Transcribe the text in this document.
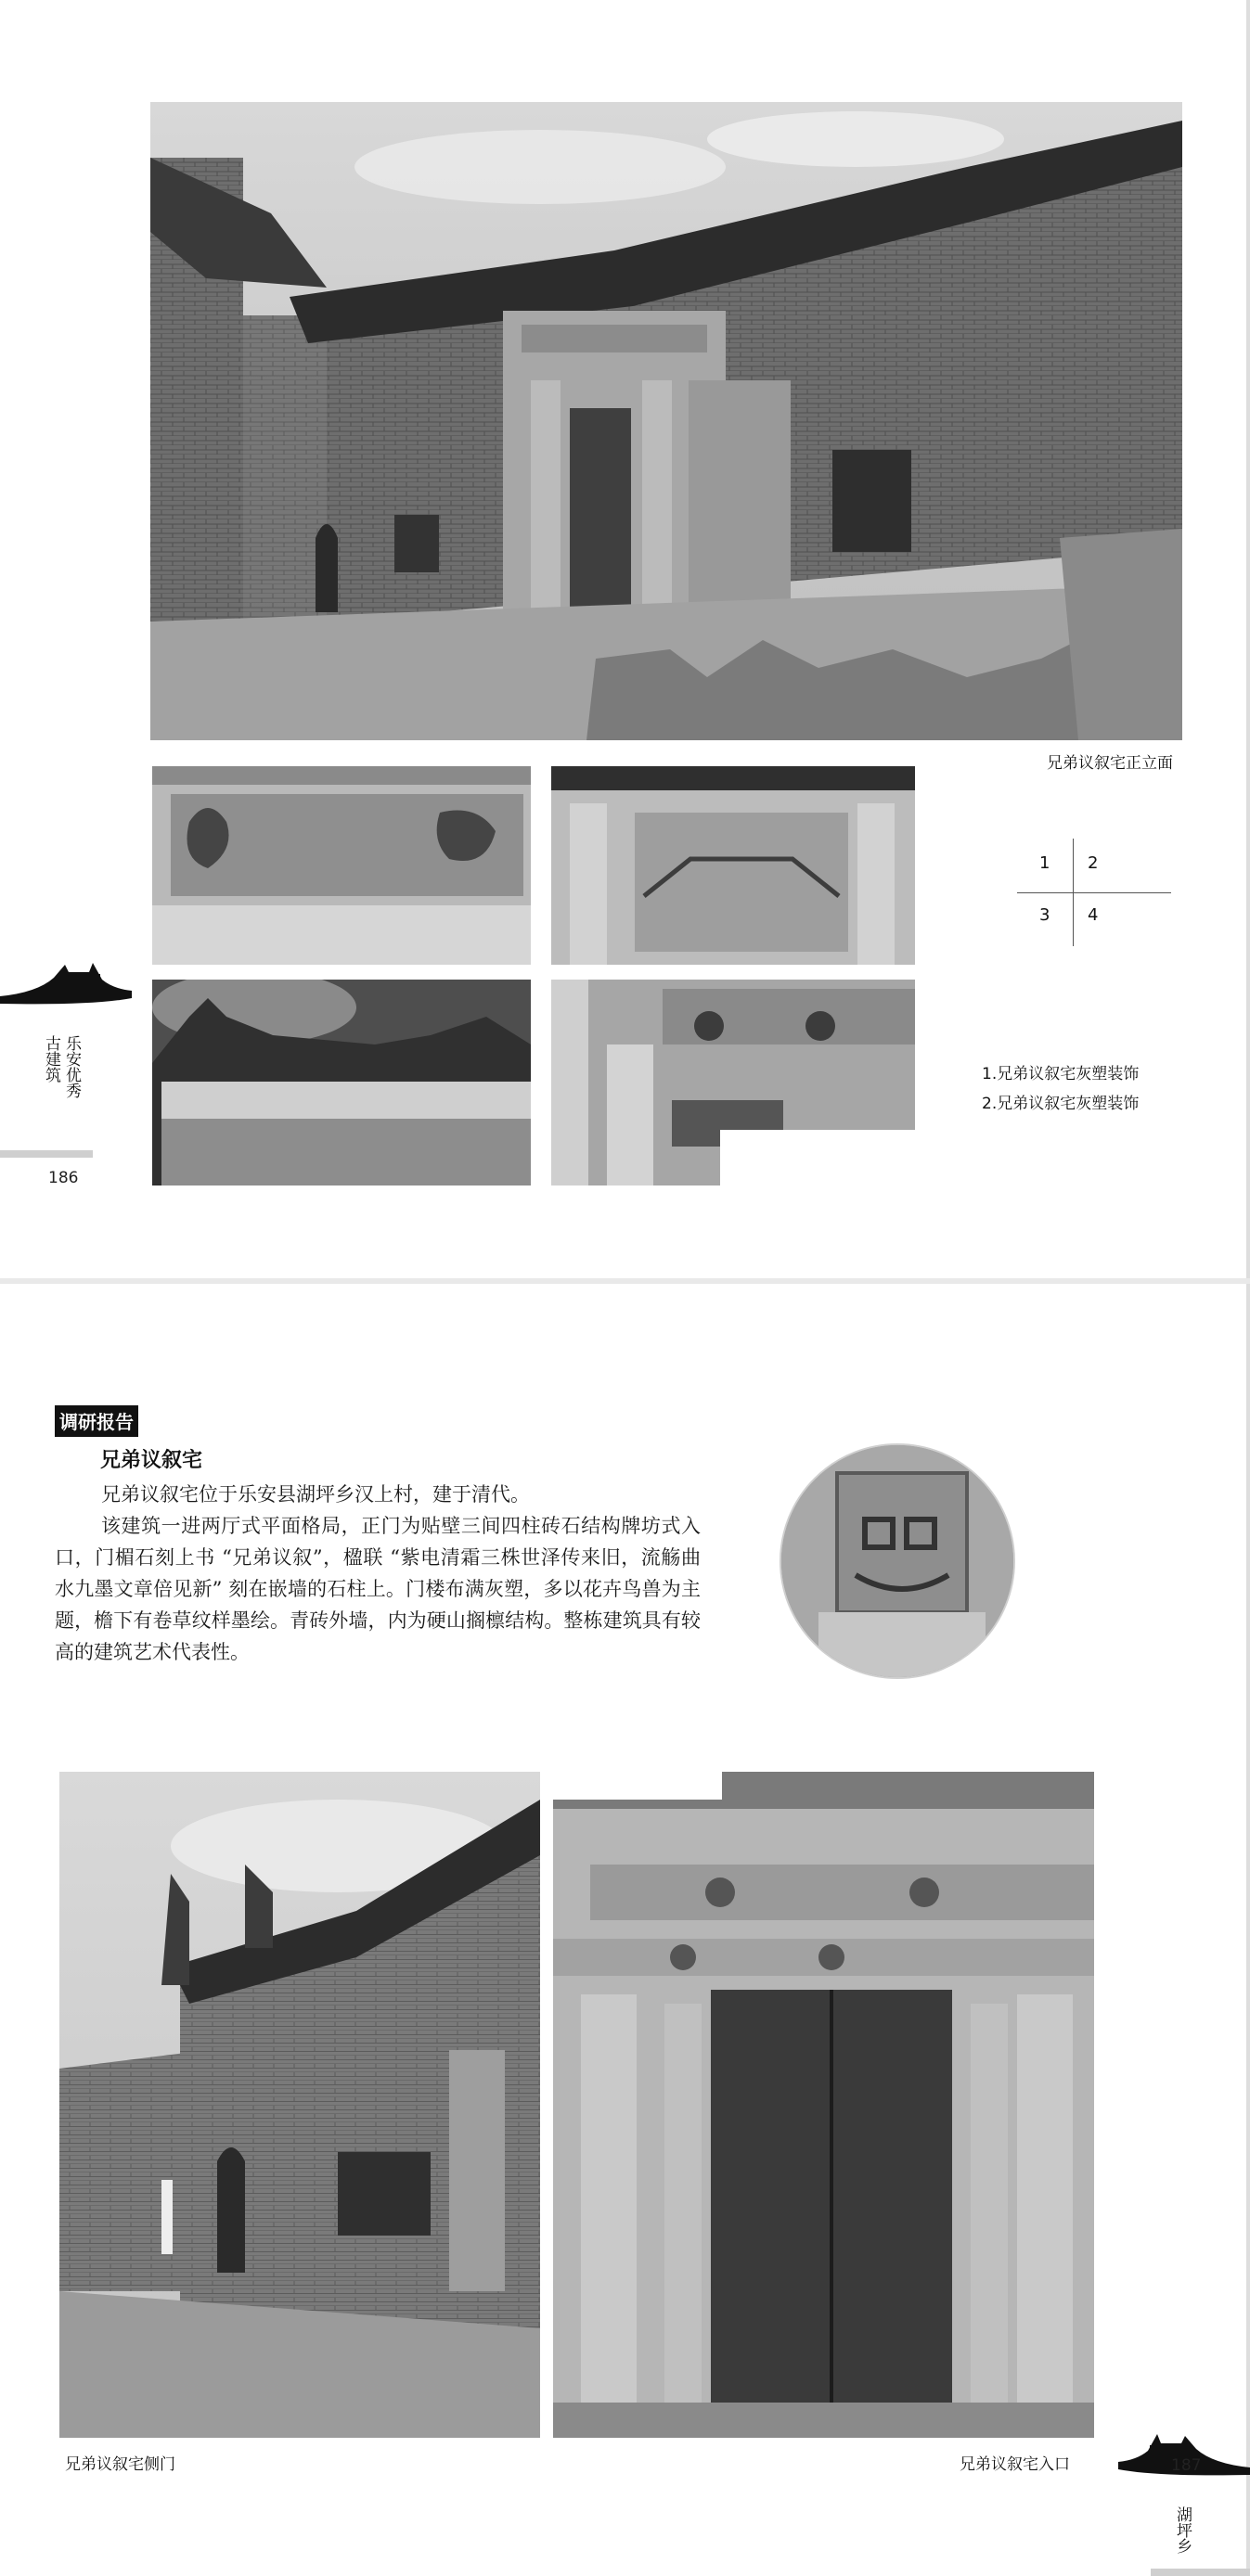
兄弟议叙宅正立面
1 2
3 4
1.兄弟议叙宅灰塑装饰
2.兄弟议叙宅灰塑装饰
乐安优秀
古建筑
186
调研报告
兄弟议叙宅
兄弟议叙宅位于乐安县湖坪乡汉上村，建于清代。
该建筑一进两厅式平面格局，正门为贴壁三间四柱砖石结构牌坊式入口，门楣石刻上书 “兄弟议叙”，楹联 “紫电清霜三株世泽传来旧，流觞曲水九墨文章倍见新” 刻在嵌墙的石柱上。门楼布满灰塑，多以花卉鸟兽为主题，檐下有卷草纹样墨绘。青砖外墙，内为硬山搁檩结构。整栋建筑具有较高的建筑艺术代表性。
兄弟议叙宅侧门	兄弟议叙宅入口
湖坪乡
187
